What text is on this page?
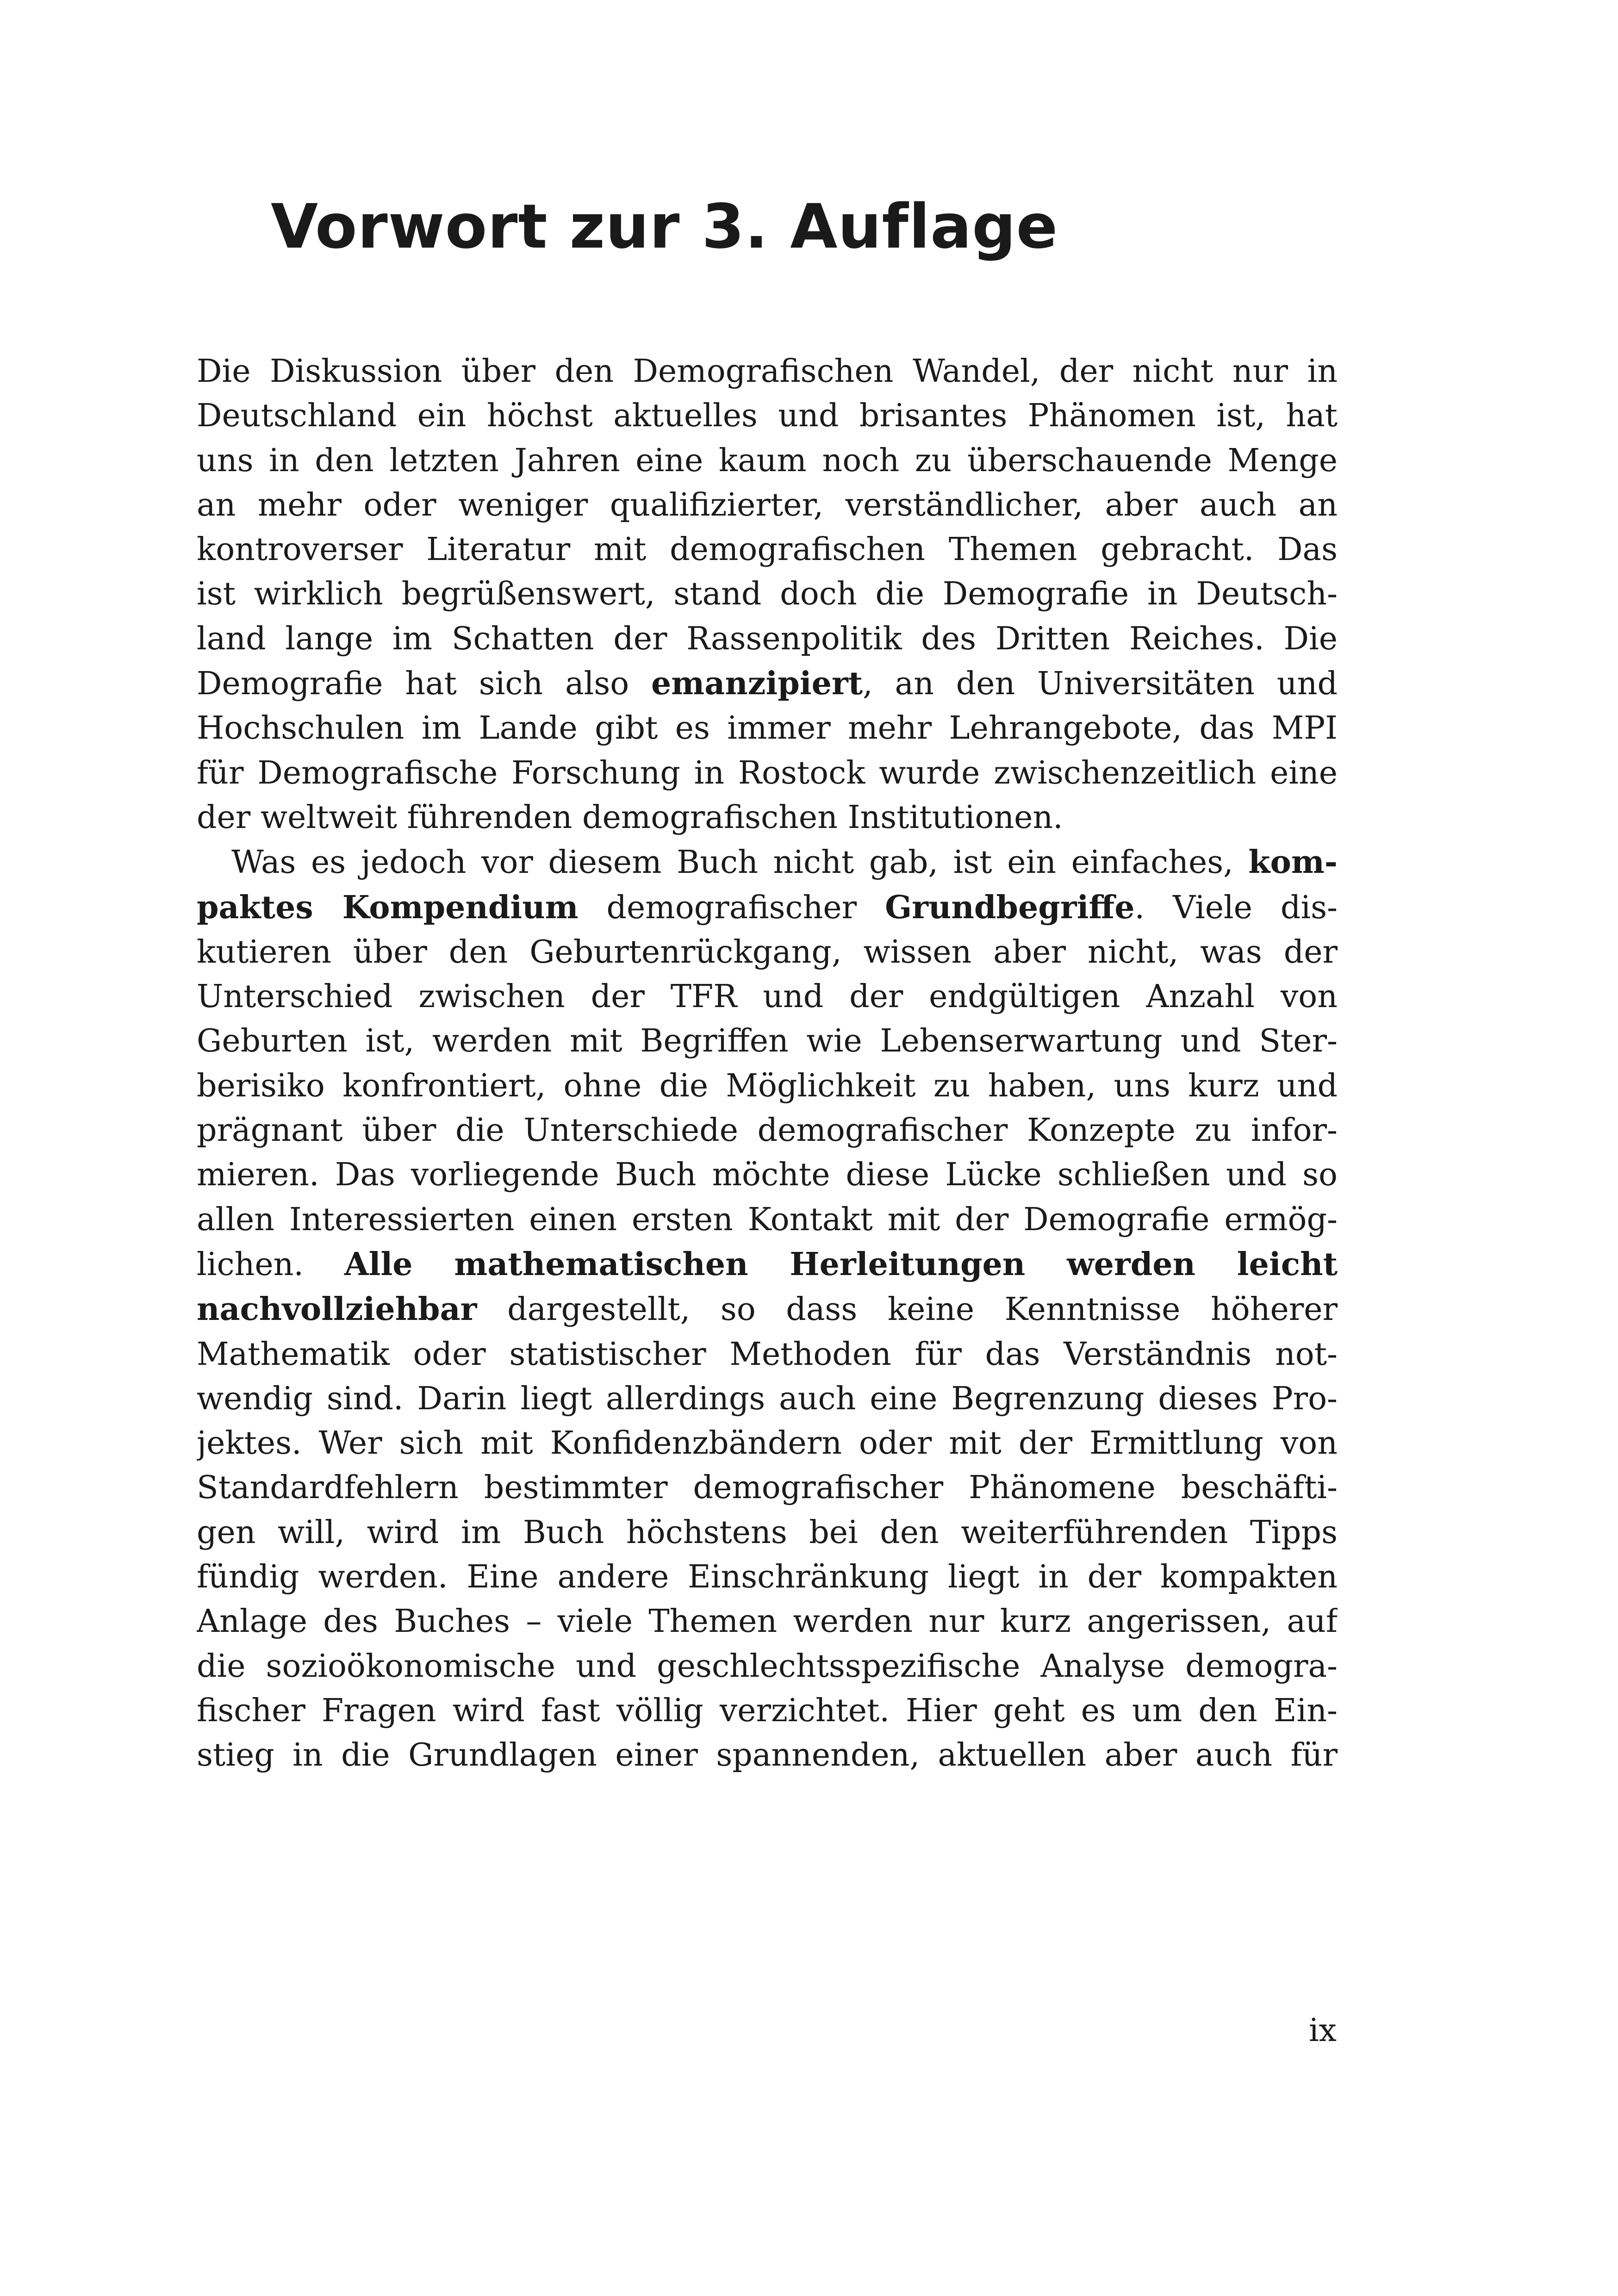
Vorwort zur 3. Auflage
Die Diskussion über den Demografischen Wandel, der nicht nur in
Deutschland ein höchst aktuelles und brisantes Phänomen ist, hat
uns in den letzten Jahren eine kaum noch zu überschauende Menge
an mehr oder weniger qualifizierter, verständlicher, aber auch an
kontroverser Literatur mit demografischen Themen gebracht. Das
ist wirklich begrüßenswert, stand doch die Demografie in Deutsch-
land lange im Schatten der Rassenpolitik des Dritten Reiches. Die
Demografie hat sich also emanzipiert, an den Universitäten und
Hochschulen im Lande gibt es immer mehr Lehrangebote, das MPI
für Demografische Forschung in Rostock wurde zwischenzeitlich eine
der weltweit führenden demografischen Institutionen.
Was es jedoch vor diesem Buch nicht gab, ist ein einfaches, kom-
paktes Kompendium demografischer Grundbegriffe. Viele dis-
kutieren über den Geburtenrückgang, wissen aber nicht, was der
Unterschied zwischen der TFR und der endgültigen Anzahl von
Geburten ist, werden mit Begriffen wie Lebenserwartung und Ster-
berisiko konfrontiert, ohne die Möglichkeit zu haben, uns kurz und
prägnant über die Unterschiede demografischer Konzepte zu infor-
mieren. Das vorliegende Buch möchte diese Lücke schließen und so
allen Interessierten einen ersten Kontakt mit der Demografie ermög-
lichen. Alle mathematischen Herleitungen werden leicht
nachvollziehbar dargestellt, so dass keine Kenntnisse höherer
Mathematik oder statistischer Methoden für das Verständnis not-
wendig sind. Darin liegt allerdings auch eine Begrenzung dieses Pro-
jektes. Wer sich mit Konfidenzbändern oder mit der Ermittlung von
Standardfehlern bestimmter demografischer Phänomene beschäfti-
gen will, wird im Buch höchstens bei den weiterführenden Tipps
fündig werden. Eine andere Einschränkung liegt in der kompakten
Anlage des Buches – viele Themen werden nur kurz angerissen, auf
die sozioökonomische und geschlechtsspezifische Analyse demogra-
fischer Fragen wird fast völlig verzichtet. Hier geht es um den Ein-
stieg in die Grundlagen einer spannenden, aktuellen aber auch für
ix
